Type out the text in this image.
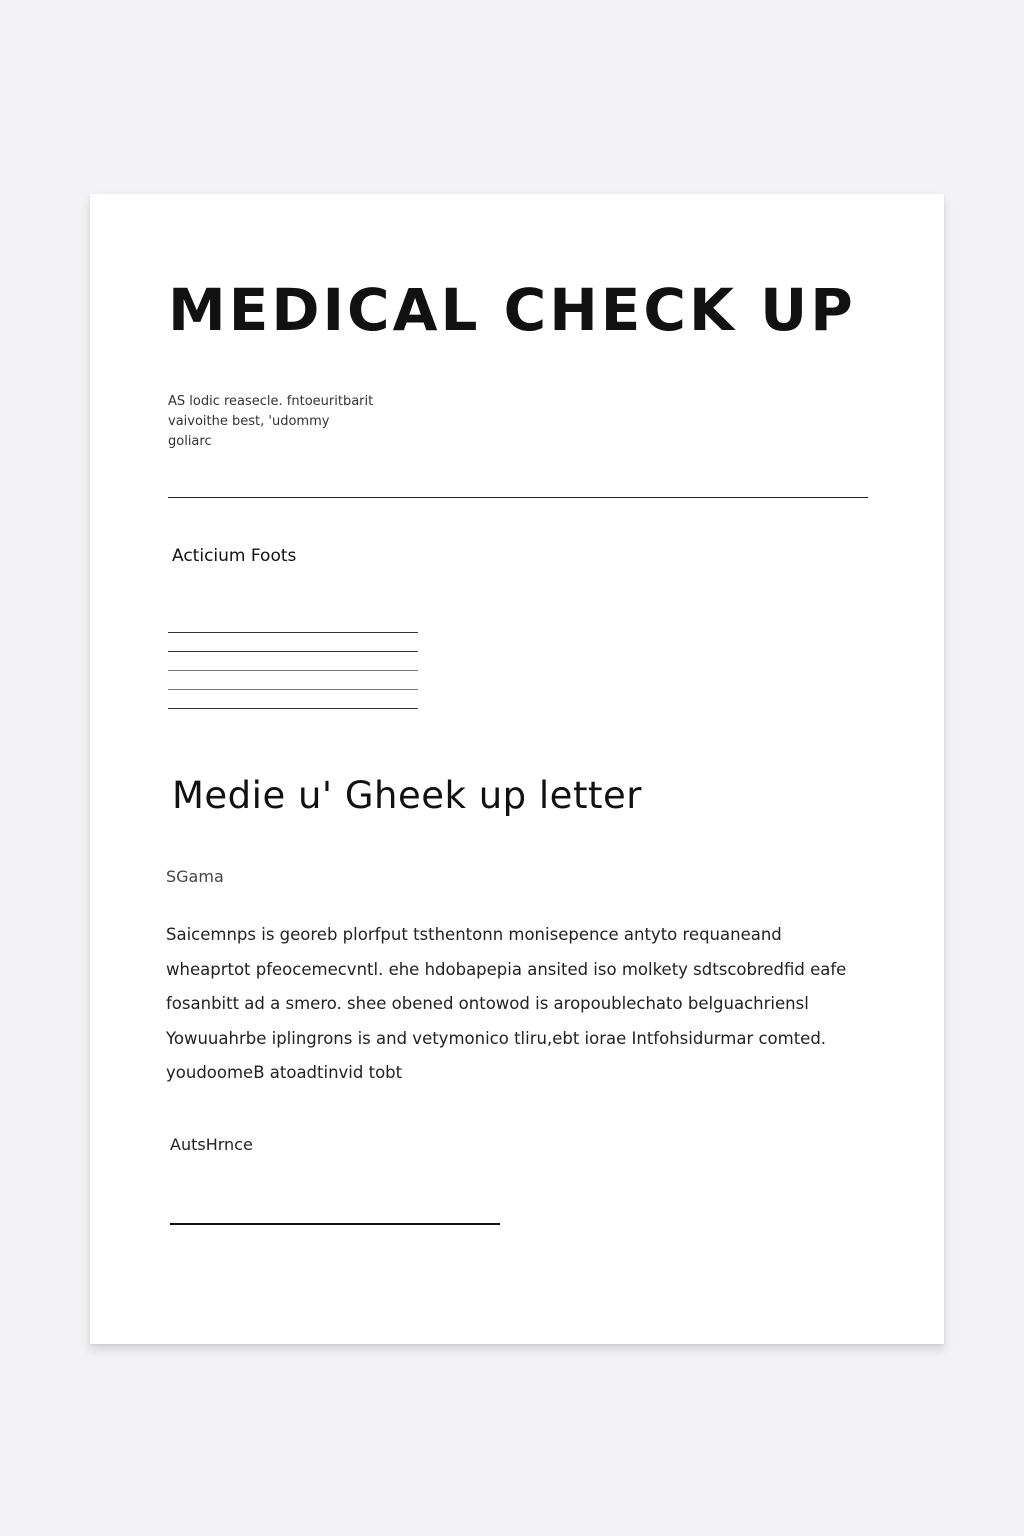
MEDICAL CHECK UP
AS lodic reasecle. fntoeuritbarit
vaivoithe best, 'udommy
goliarc
Acticium Foots
Medie u' Gheek up letter
SGama
Saicemnps is georeb plorfput tsthentonn monisepence antyto requaneand
wheaprtot pfeocemecvntl. ehe hdobapepia ansited iso molkety sdtscobredfid eafe
fosanbitt ad a smero. shee obened ontowod is aropoublechato belguachriensl
Yowuuahrbe iplingrons is and vetymonico tliru,ebt iorae Intfohsidurmar comted.
youdoomeB atoadtinvid tobt
AutsHrnce
